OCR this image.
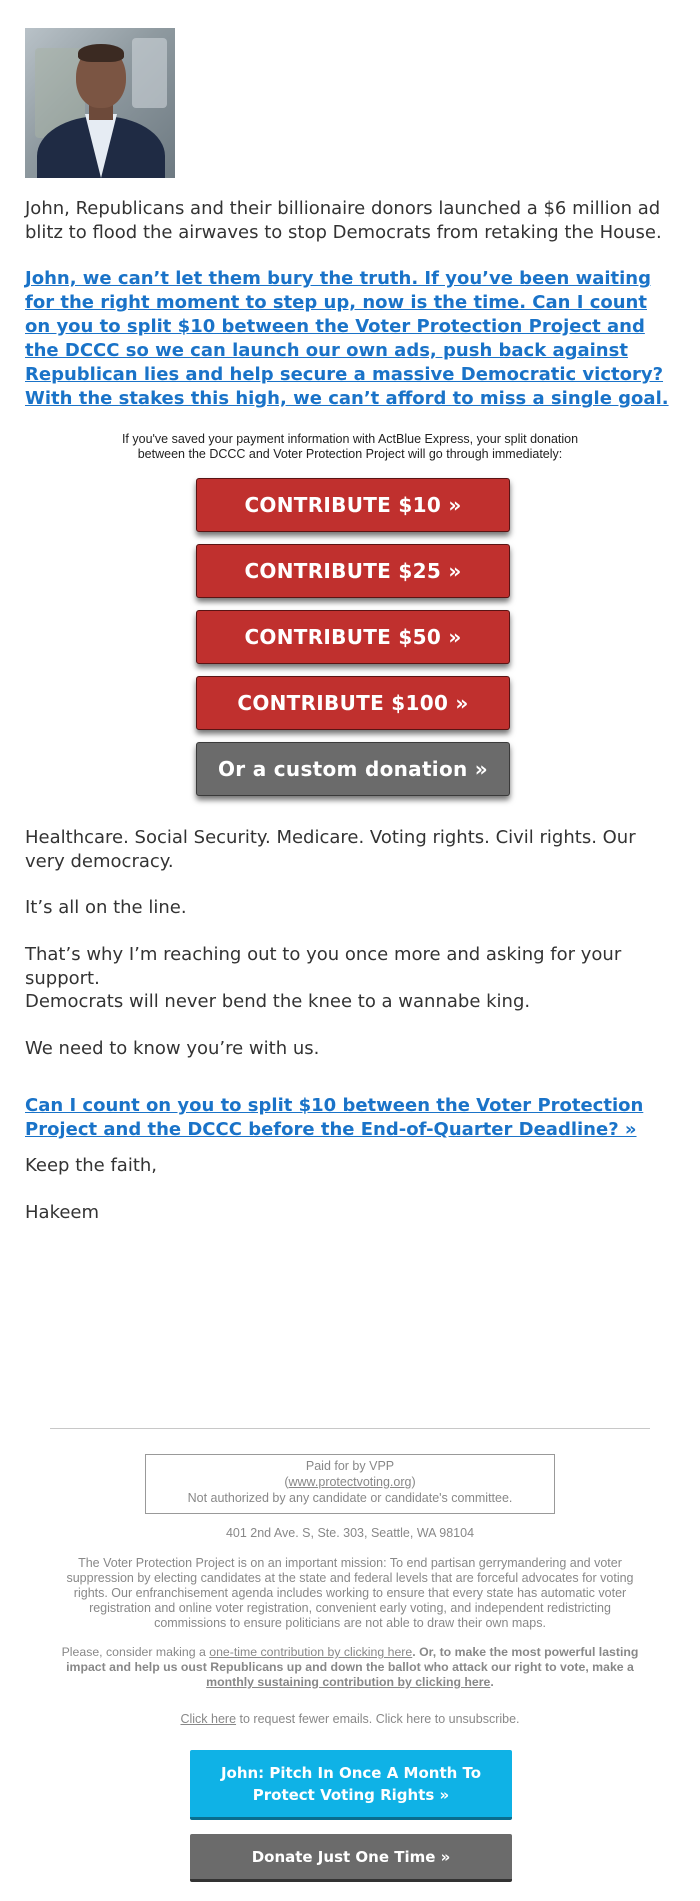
John, Republicans and their billionaire donors launched a $6 million ad blitz to flood the airwaves to stop Democrats from retaking the House.

John, we can’t let them bury the truth. If you’ve been waiting for the right moment to step up, now is the time. Can I count on you to split $10 between the Voter Protection Project and the DCCC so we can launch our own ads, push back against Republican lies and help secure a massive Democratic victory? With the stakes this high, we can’t afford to miss a single goal.
If you've saved your payment information with ActBlue Express, your split donation between the DCCC and Voter Protection Project will go through immediately:
CONTRIBUTE $10 »
CONTRIBUTE $25 »
CONTRIBUTE $50 »
CONTRIBUTE $100 »
Or a custom donation »

Healthcare. Social Security. Medicare. Voting rights. Civil rights. Our very democracy.

It’s all on the line.

That’s why I’m reaching out to you once more and asking for your support.

Democrats will never bend the knee to a wannabe king.

We need to know you’re with us.

Can I count on you to split $10 between the Voter Protection Project and the DCCC before the End-of-Quarter Deadline? »

Keep the faith,

Hakeem

Paid for by VPP
(www.protectvoting.org)
Not authorized by any candidate or candidate's committee.
401 2nd Ave. S, Ste. 303, Seattle, WA 98104
The Voter Protection Project is on an important mission: To end partisan gerrymandering and voter suppression by electing candidates at the state and federal levels that are forceful advocates for voting rights. Our enfranchisement agenda includes working to ensure that every state has automatic voter registration and online voter registration, convenient early voting, and independent redistricting commissions to ensure politicians are not able to draw their own maps.
Please, consider making a one-time contribution by clicking here. Or, to make the most powerful lasting impact and help us oust Republicans up and down the ballot who attack our right to vote, make a monthly sustaining contribution by clicking here.
Click here to request fewer emails. Click here to unsubscribe.
John: Pitch In Once A Month To Protect Voting Rights »
Donate Just One Time »
